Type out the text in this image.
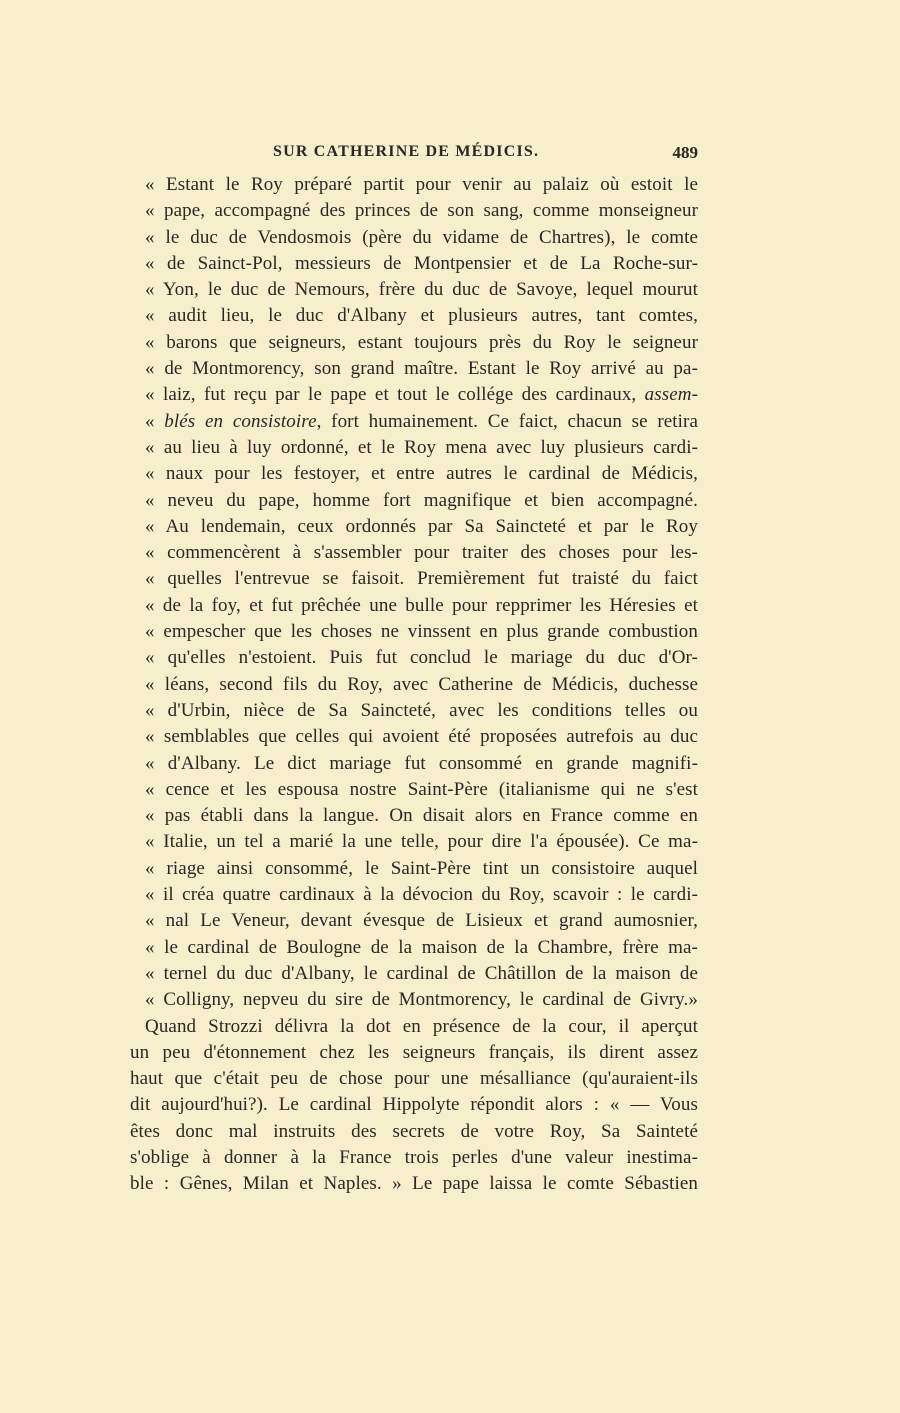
SUR CATHERINE DE MÉDICIS.	489
« Estant le Roy préparé partit pour venir au palaiz où estoit le
« pape, accompagné des princes de son sang, comme monseigneur
« le duc de Vendosmois (père du vidame de Chartres), le comte
« de Sainct-Pol, messieurs de Montpensier et de La Roche-sur-
« Yon, le duc de Nemours, frère du duc de Savoye, lequel mourut
« audit lieu, le duc d'Albany et plusieurs autres, tant comtes,
« barons que seigneurs, estant toujours près du Roy le seigneur
« de Montmorency, son grand maître. Estant le Roy arrivé au pa-
« laiz, fut reçu par le pape et tout le collége des cardinaux, assem-
« blés en consistoire, fort humainement. Ce faict, chacun se retira
« au lieu à luy ordonné, et le Roy mena avec luy plusieurs cardi-
« naux pour les festoyer, et entre autres le cardinal de Médicis,
« neveu du pape, homme fort magnifique et bien accompagné.
« Au lendemain, ceux ordonnés par Sa Saincteté et par le Roy
« commencèrent à s'assembler pour traiter des choses pour les-
« quelles l'entrevue se faisoit. Premièrement fut traisté du faict
« de la foy, et fut prêchée une bulle pour repprimer les Héresies et
« empescher que les choses ne vinssent en plus grande combustion
« qu'elles n'estoient. Puis fut conclud le mariage du duc d'Or-
« léans, second fils du Roy, avec Catherine de Médicis, duchesse
« d'Urbin, nièce de Sa Saincteté, avec les conditions telles ou
« semblables que celles qui avoient été proposées autrefois au duc
« d'Albany. Le dict mariage fut consommé en grande magnifi-
« cence et les espousa nostre Saint-Père (italianisme qui ne s'est
« pas établi dans la langue. On disait alors en France comme en
« Italie, un tel a marié la une telle, pour dire l'a épousée). Ce ma-
« riage ainsi consommé, le Saint-Père tint un consistoire auquel
« il créa quatre cardinaux à la dévocion du Roy, scavoir : le cardi-
« nal Le Veneur, devant évesque de Lisieux et grand aumosnier,
« le cardinal de Boulogne de la maison de la Chambre, frère ma-
« ternel du duc d'Albany, le cardinal de Châtillon de la maison de
« Colligny, nepveu du sire de Montmorency, le cardinal de Givry.»
Quand Strozzi délivra la dot en présence de la cour, il aperçut
un peu d'étonnement chez les seigneurs français, ils dirent assez
haut que c'était peu de chose pour une mésalliance (qu'auraient-ils
dit aujourd'hui?). Le cardinal Hippolyte répondit alors : « — Vous
êtes donc mal instruits des secrets de votre Roy, Sa Sainteté
s'oblige à donner à la France trois perles d'une valeur inestima-
ble : Gênes, Milan et Naples. » Le pape laissa le comte Sébastien
